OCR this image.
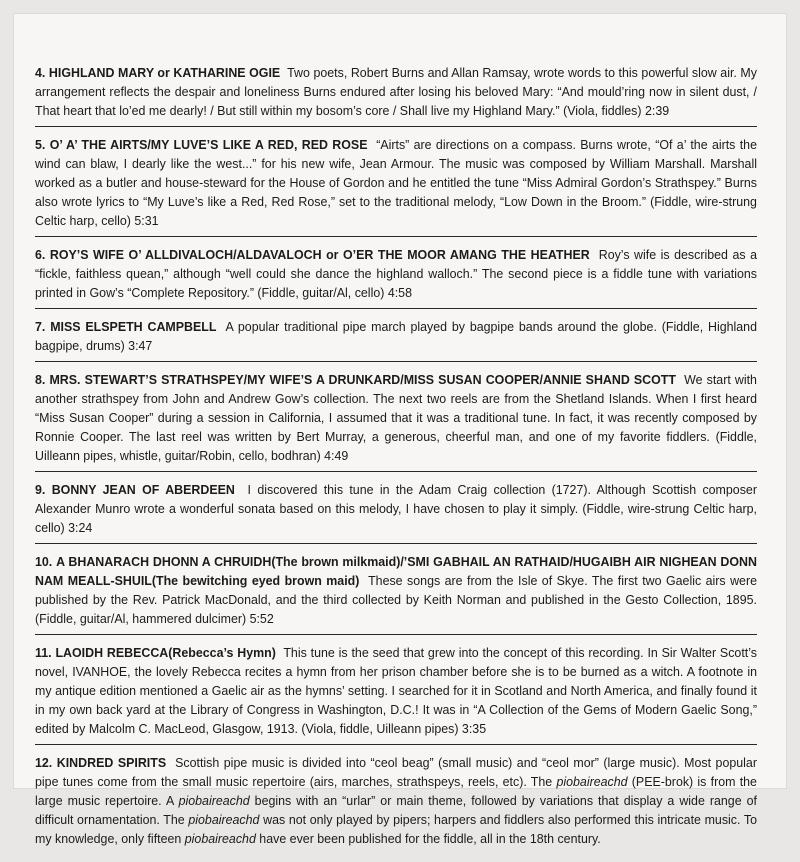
4. HIGHLAND MARY or KATHARINE OGIE Two poets, Robert Burns and Allan Ramsay, wrote words to this powerful slow air. My arrangement reflects the despair and loneliness Burns endured after losing his beloved Mary: “And mould’ring now in silent dust, / That heart that lo’ed me dearly! / But still within my bosom’s core / Shall live my Highland Mary.” (Viola, fiddles) 2:39
5. O’ A’ THE AIRTS/MY LUVE’S LIKE A RED, RED ROSE “Airts” are directions on a compass. Burns wrote, “Of a’ the airts the wind can blaw, I dearly like the west...” for his new wife, Jean Armour. The music was composed by William Marshall. Marshall worked as a butler and house-steward for the House of Gordon and he entitled the tune “Miss Admiral Gordon’s Strathspey.” Burns also wrote lyrics to “My Luve’s like a Red, Red Rose,” set to the traditional melody, “Low Down in the Broom.” (Fiddle, wire-strung Celtic harp, cello) 5:31
6. ROY’S WIFE O’ ALLDIVALOCH/ALDAVALOCH or O’ER THE MOOR AMANG THE HEATHER Roy’s wife is described as a “fickle, faithless quean,” although “well could she dance the highland walloch.” The second piece is a fiddle tune with variations printed in Gow’s “Complete Repository.” (Fiddle, guitar/Al, cello) 4:58
7. MISS ELSPETH CAMPBELL A popular traditional pipe march played by bagpipe bands around the globe. (Fiddle, Highland bagpipe, drums) 3:47
8. MRS. STEWART’S STRATHSPEY/MY WIFE’S A DRUNKARD/MISS SUSAN COOPER/ANNIE SHAND SCOTT We start with another strathspey from John and Andrew Gow’s collection. The next two reels are from the Shetland Islands. When I first heard “Miss Susan Cooper” during a session in California, I assumed that it was a traditional tune. In fact, it was recently composed by Ronnie Cooper. The last reel was written by Bert Murray, a generous, cheerful man, and one of my favorite fiddlers. (Fiddle, Uilleann pipes, whistle, guitar/Robin, cello, bodhran) 4:49
9. BONNY JEAN OF ABERDEEN I discovered this tune in the Adam Craig collection (1727). Although Scottish composer Alexander Munro wrote a wonderful sonata based on this melody, I have chosen to play it simply. (Fiddle, wire-strung Celtic harp, cello) 3:24
10. A BHANARACH DHONN A CHRUIDH(The brown milkmaid)/’SMI GABHAIL AN RATHAID/HUGAIBH AIR NIGHEAN DONN NAM MEALL-SHUIL(The bewitching eyed brown maid) These songs are from the Isle of Skye. The first two Gaelic airs were published by the Rev. Patrick MacDonald, and the third collected by Keith Norman and published in the Gesto Collection, 1895. (Fiddle, guitar/Al, hammered dulcimer) 5:52
11. LAOIDH REBECCA(Rebecca’s Hymn) This tune is the seed that grew into the concept of this recording. In Sir Walter Scott’s novel, IVANHOE, the lovely Rebecca recites a hymn from her prison chamber before she is to be burned as a witch. A footnote in my antique edition mentioned a Gaelic air as the hymns’ setting. I searched for it in Scotland and North America, and finally found it in my own back yard at the Library of Congress in Washington, D.C.! It was in “A Collection of the Gems of Modern Gaelic Song,” edited by Malcolm C. MacLeod, Glasgow, 1913. (Viola, fiddle, Uilleann pipes) 3:35
12. KINDRED SPIRITS Scottish pipe music is divided into “ceol beag” (small music) and “ceol mor” (large music). Most popular pipe tunes come from the small music repertoire (airs, marches, strathspeys, reels, etc). The piobaireachd (PEE-brok) is from the large music repertoire. A piobaireachd begins with an “urlar” or main theme, followed by variations that display a wide range of difficult ornamentation. The piobaireachd was not only played by pipers; harpers and fiddlers also performed this intricate music. To my knowledge, only fifteen piobaireachd have ever been published for the fiddle, all in the 18th century.
